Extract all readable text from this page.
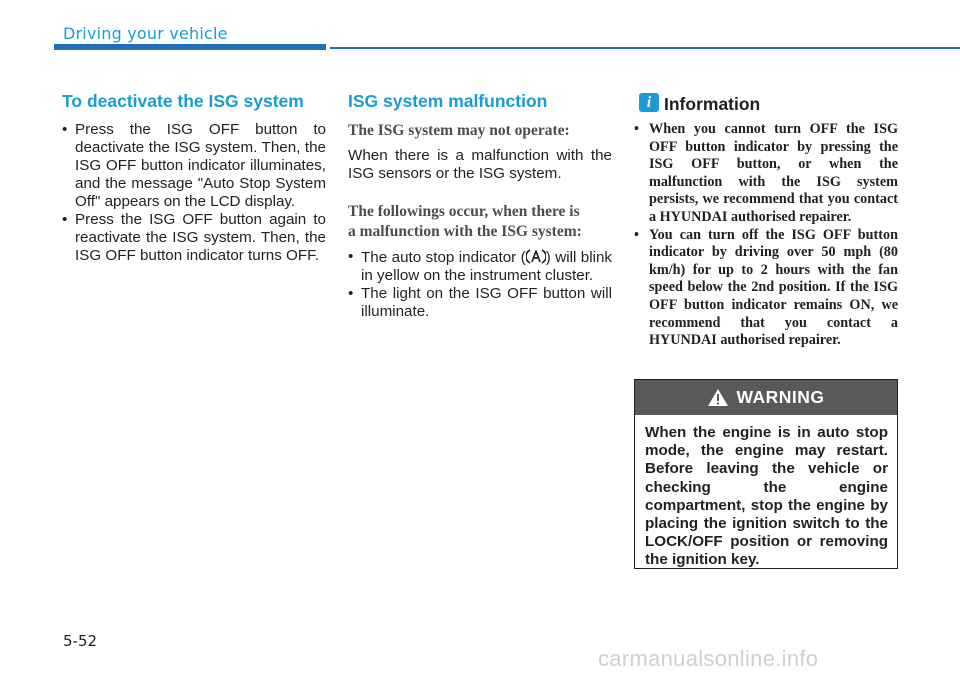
Driving your vehicle
To deactivate the ISG system
• Press the ISG OFF button to deactivate the ISG system. Then, the ISG OFF button indicator illuminates, and the message "Auto Stop System Off" appears on the LCD display.
• Press the ISG OFF button again to reactivate the ISG system. Then, the ISG OFF button indicator turns OFF.
ISG system malfunction

The ISG system may not operate:

When there is a malfunction with the ISG sensors or the ISG system.

The followings occur, when there is
a malfunction with the ISG system:

• The auto stop indicator ( ) will blink in yellow on the instrument cluster.
• The light on the ISG OFF button will illuminate.
i Information
• When you cannot turn OFF the ISG OFF button indicator by pressing the ISG OFF button, or when the malfunction with the ISG system persists, we recommend that you contact a HYUNDAI authorised repairer.
• You can turn off the ISG OFF button indicator by driving over 50 mph (80 km/h) for up to 2 hours with the fan speed below the 2nd position. If the ISG OFF button indicator remains ON, we recommend that you contact a HYUNDAI authorised repairer.
WARNING
When the engine is in auto stop mode, the engine may restart. Before leaving the vehicle or checking the engine compartment, stop the engine by placing the ignition switch to the LOCK/OFF position or removing the ignition key.
5-52
carmanualsonline.info
